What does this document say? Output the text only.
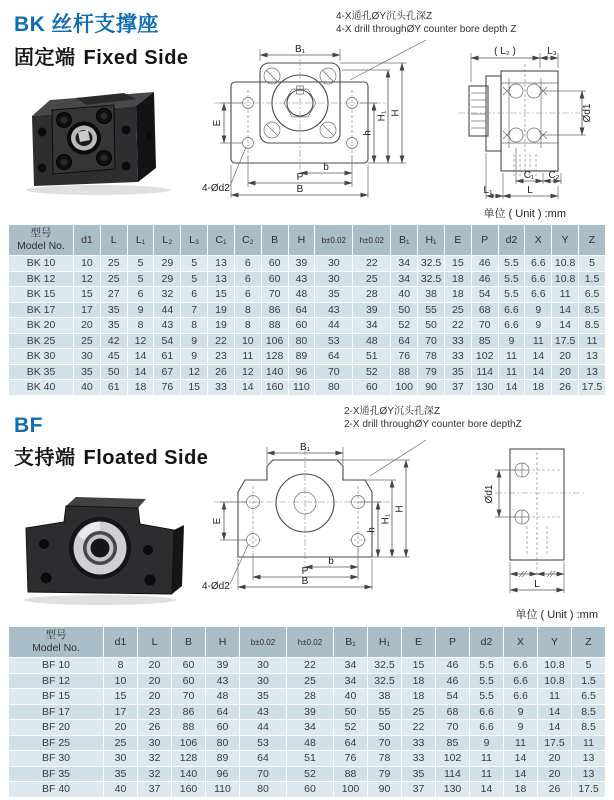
BK 丝杆支撑座
固定端 Fixed Side
4-X通孔ØY沉头孔深Z
4-X drill throughØY counter bore depth Z
B₁
E
h
H₁ H
b
P
B
4-Ød2
( L₂ )	L₃
Ød1
C₁ C₂
L₁	L
单位 ( Unit ) :mm
型号
Model No.	d1	L	L₁	L₂	L₃	C₁	C₂	B	H	b±0.02	h±0.02	B₁	H₁	E	P	d2	X	Y	Z
BK 10	10	25	5	29	5	13	6	60	39	30	22	34	32.5	15	46	5.5	6.6	10.8	5
BK 12	12	25	5	29	5	13	6	60	43	30	25	34	32.5	18	46	5.5	6.6	10.8	1.5
BK 15	15	27	6	32	6	15	6	70	48	35	28	40	38	18	54	5.5	6.6	11	6.5
BK 17	17	35	9	44	7	19	8	86	64	43	39	50	55	25	68	6.6	9	14	8.5
BK 20	20	35	8	43	8	19	8	88	60	44	34	52	50	22	70	6.6	9	14	8.5
BK 25	25	42	12	54	9	22	10	106	80	53	48	64	70	33	85	9	11	17.5	11
BK 30	30	45	14	61	9	23	11	128	89	64	51	76	78	33	102	11	14	20	13
BK 35	35	50	14	67	12	26	12	140	96	70	52	88	79	35	114	11	14	20	13
BK 40	40	61	18	76	15	33	14	160	110	80	60	100	90	37	130	14	18	26	17.5
BF
支持端 Floated Side
2-X通孔ØY沉头孔深Z
2-X drill throughØY counter bore depthZ
B₁
E
h
H₁
H
b
P
B
4-Ød2
Ød1
L
单位 ( Unit ) :mm
型号
Model No.	d1	L	B	H	b±0.02	h±0.02	B₁	H₁	E	P	d2	X	Y	Z
BF 10	8	20	60	39	30	22	34	32.5	15	46	5.5	6.6	10.8	5
BF 12	10	20	60	43	30	25	34	32.5	18	46	5.5	6.6	10.8	1.5
BF 15	15	20	70	48	35	28	40	38	18	54	5.5	6.6	11	6.5
BF 17	17	23	86	64	43	39	50	55	25	68	6.6	9	14	8.5
BF 20	20	26	88	60	44	34	52	50	22	70	6.6	9	14	8.5
BF 25	25	30	106	80	53	48	64	70	33	85	9	11	17.5	11
BF 30	30	32	128	89	64	51	76	78	33	102	11	14	20	13
BF 35	35	32	140	96	70	52	88	79	35	114	11	14	20	13
BF 40	40	37	160	110	80	60	100	90	37	130	14	18	26	17.5
